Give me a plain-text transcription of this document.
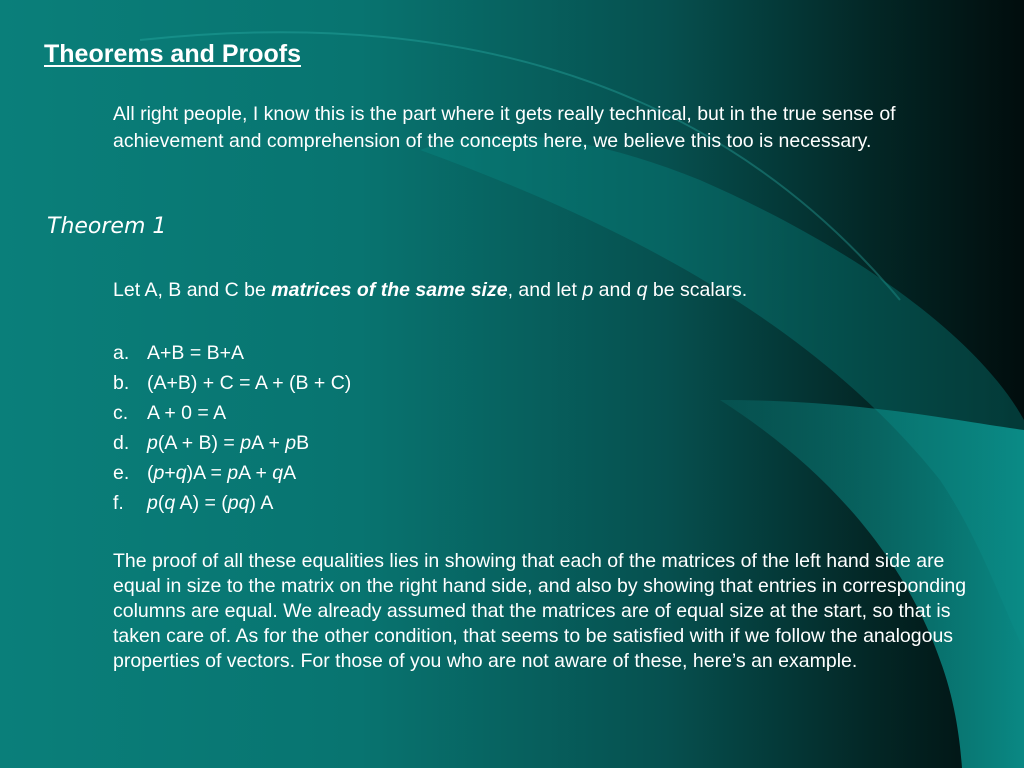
Theorems and Proofs
All right people, I know this is the part where it gets really technical, but in the true sense of achievement and comprehension of the concepts here, we believe this too is necessary.
Theorem 1
Let A, B and C be matrices of the same size, and let p and q be scalars.
a. A+B = B+A
b. (A+B) + C = A + (B + C)
c. A + 0 = A
d. p(A + B) = pA + pB
e. (p+q)A = pA + qA
f. p(q A) = (pq) A
The proof of all these equalities lies in showing that each of the matrices of the left hand side are equal in size to the matrix on the right hand side, and also by showing that entries in corresponding columns are equal. We already assumed that the matrices are of equal size at the start, so that is taken care of. As for the other condition, that seems to be satisfied with if we follow the analogous properties of vectors. For those of you who are not aware of these, here’s an example.
